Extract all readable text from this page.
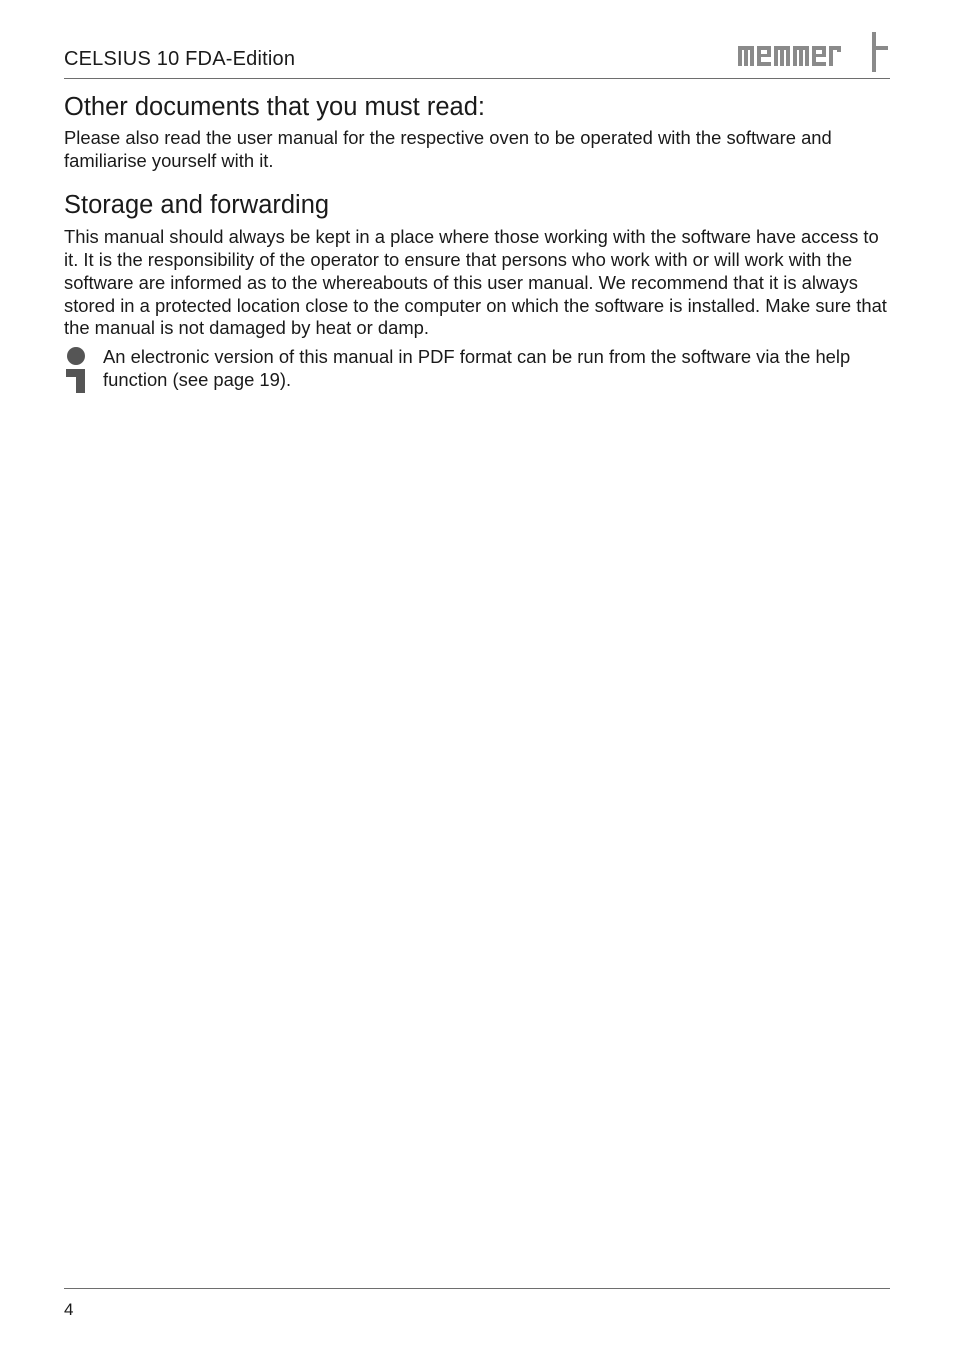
CELSIUS 10 FDA-Edition
Other documents that you must read:

Please also read the user manual for the respective oven to be operated with the software and familiarise yourself with it.

Storage and forwarding

This manual should always be kept in a place where those working with the software have access to it. It is the responsibility of the operator to ensure that persons who work with or will work with the software are informed as to the whereabouts of this user manual. We recommend that it is always stored in a protected location close to the computer on which the software is installed. Make sure that the manual is not damaged by heat or damp.

An electronic version of this manual in PDF format can be run from the software via the help function (see page 19).

4
